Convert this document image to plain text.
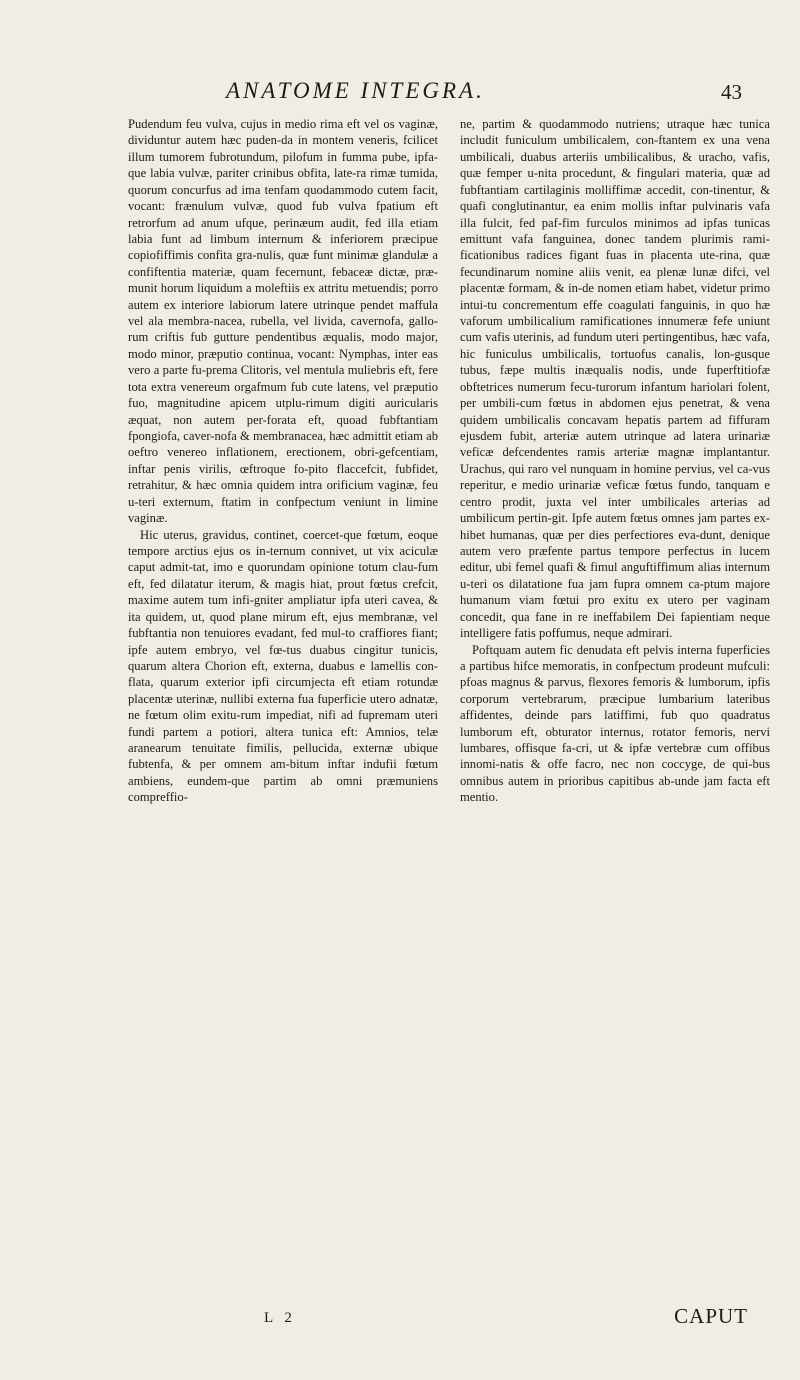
ANATOME INTEGRA.	43

Pudendum feu vulva, cujus in medio rima eft vel os vaginæ, dividuntur autem hæc puden-da in montem veneris, fcilicet illum tumorem fubrotundum, pilofum in fumma pube, ipfa-que labia vulvæ, pariter crinibus obfita, late-ra rimæ tumida, quorum concurfus ad ima tenfam quodammodo cutem facit, vocant: frænulum vulvæ, quod fub vulva fpatium eft retrorfum ad anum ufque, perinæum audit, fed illa etiam labia funt ad limbum internum & inferiorem præcipue copiofiffimis confita gra-nulis, quæ funt minimæ glandulæ a confiftentia materiæ, quam fecernunt, febaceæ dictæ, præ-munit horum liquidum a moleftiis ex attritu metuendis; porro autem ex interiore labiorum latere utrinque pendet maffula vel ala membra-nacea, rubella, vel livida, cavernofa, gallo-rum criftis fub gutture pendentibus æqualis, modo major, modo minor, præputio continua, vocant: Nymphas, inter eas vero a parte fu-prema Clitoris, vel mentula muliebris eft, fere tota extra venereum orgafmum fub cute latens, vel præputio fuo, magnitudine apicem utplu-rimum digiti auricularis æquat, non autem per-forata eft, quoad fubftantiam fpongiofa, caver-nofa & membranacea, hæc admittit etiam ab oeftro venereo inflationem, erectionem, obri-gefcentiam, inftar penis virilis, œftroque fo-pito flaccefcit, fubfidet, retrahitur, & hæc omnia quidem intra orificium vaginæ, feu u-teri externum, ftatim in confpectum veniunt in limine vaginæ.

Hic uterus, gravidus, continet, coercet-que fœtum, eoque tempore arctius ejus os in-ternum connivet, ut vix aciculæ caput admit-tat, imo e quorundam opinione totum clau-fum eft, fed dilatatur iterum, & magis hiat, prout fœtus crefcit, maxime autem tum infi-gniter ampliatur ipfa uteri cavea, & ita quidem, ut, quod plane mirum eft, ejus membranæ, vel fubftantia non tenuiores evadant, fed mul-to craffiores fiant; ipfe autem embryo, vel fœ-tus duabus cingitur tunicis, quarum altera Chorion eft, externa, duabus e lamellis con-flata, quarum exterior ipfi circumjecta eft etiam rotundæ placentæ uterinæ, nullibi externa fua fuperficie utero adnatæ, ne fœtum olim exitu-rum impediat, nifi ad fupremam uteri fundi partem a potiori, altera tunica eft: Amnios, telæ aranearum tenuitate fimilis, pellucida, externæ ubique fubtenfa, & per omnem am-bitum inftar indufii fœtum ambiens, eundem-que partim ab omni præmuniens compreffio-

ne, partim & quodammodo nutriens; utraque hæc tunica includit funiculum umbilicalem, con-ftantem ex una vena umbilicali, duabus arteriis umbilicalibus, & uracho, vafis, quæ femper u-nita procedunt, & fingulari materia, quæ ad fubftantiam cartilaginis molliffimæ accedit, con-tinentur, & quafi conglutinantur, ea enim mollis inftar pulvinaris vafa illa fulcit, fed paf-fim furculos minimos ad ipfas tunicas emittunt vafa fanguinea, donec tandem plurimis rami-ficationibus radices figant fuas in placenta ute-rina, quæ fecundinarum nomine aliis venit, ea plenæ lunæ difci, vel placentæ formam, & in-de nomen etiam habet, videtur primo intui-tu concrementum effe coagulati fanguinis, in quo hæ vaforum umbilicalium ramificationes innumeræ fefe uniunt cum vafis uterinis, ad fundum uteri pertingentibus, hæc vafa, hic funiculus umbilicalis, tortuofus canalis, lon-gusque tubus, fæpe multis inæqualis nodis, unde fuperftitiofæ obftetrices numerum fecu-turorum infantum hariolari folent, per umbili-cum fœtus in abdomen ejus penetrat, & vena quidem umbilicalis concavam hepatis partem ad fiffuram ejusdem fubit, arteriæ autem utrinque ad latera urinariæ veficæ defcendentes ramis arteriæ magnæ implantantur. Urachus, qui raro vel nunquam in homine pervius, vel ca-vus reperitur, e medio urinariæ veficæ fœtus fundo, tanquam e centro prodit, juxta vel inter umbilicales arterias ad umbilicum pertin-git. Ipfe autem fœtus omnes jam partes ex-hibet humanas, quæ per dies perfectiores eva-dunt, denique autem vero præfente partus tempore perfectus in lucem editur, ubi femel quafi & fimul anguftiffimum alias internum u-teri os dilatatione fua jam fupra omnem ca-ptum majore humanum viam fœtui pro exitu ex utero per vaginam concedit, qua fane in re ineffabilem Dei fapientiam neque intelligere fatis poffumus, neque admirari.

Poftquam autem fic denudata eft pelvis interna fuperficies a partibus hifce memoratis, in confpectum prodeunt mufculi: pfoas magnus & parvus, flexores femoris & lumborum, ipfis corporum vertebrarum, præcipue lumbarium lateribus affidentes, deinde pars latiffimi, fub quo quadratus lumborum eft, obturator internus, rotator femoris, nervi lumbares, offisque fa-cri, ut & ipfæ vertebræ cum offibus innomi-natis & offe facro, nec non coccyge, de qui-bus omnibus autem in prioribus capitibus ab-unde jam facta eft mentio.

L 2	CAPUT
